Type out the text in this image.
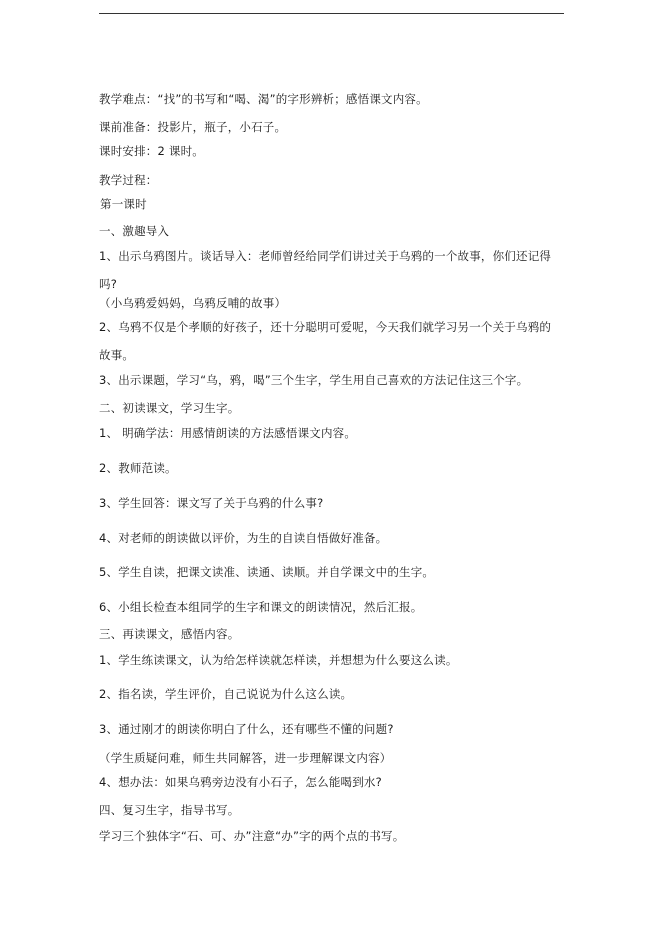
教学难点：“找”的书写和“喝、渴”的字形辨析；感悟课文内容。
课前准备：投影片，瓶子，小石子。
课时安排：2 课时。
教学过程：
第一课时
一、激趣导入
1、出示乌鸦图片。谈话导入：老师曾经给同学们讲过关于乌鸦的一个故事，你们还记得
吗?
（小乌鸦爱妈妈，乌鸦反哺的故事）
2、乌鸦不仅是个孝顺的好孩子，还十分聪明可爱呢，今天我们就学习另一个关于乌鸦的
故事。
3、出示课题，学习“乌，鸦，喝”三个生字，学生用自己喜欢的方法记住这三个字。
二、初读课文，学习生字。
1、 明确学法：用感情朗读的方法感悟课文内容。
2、教师范读。
3、学生回答：课文写了关于乌鸦的什么事?
4、对老师的朗读做以评价，为生的自读自悟做好准备。
5、学生自读，把课文读准、读通、读顺。并自学课文中的生字。
6、小组长检查本组同学的生字和课文的朗读情况，然后汇报。
三、再读课文，感悟内容。
1、学生练读课文，认为给怎样读就怎样读，并想想为什么要这么读。
2、指名读，学生评价，自己说说为什么这么读。
3、通过刚才的朗读你明白了什么，还有哪些不懂的问题?
（学生质疑问难，师生共同解答，进一步理解课文内容）
4、想办法：如果乌鸦旁边没有小石子，怎么能喝到水?
四、复习生字，指导书写。
学习三个独体字“石、可、办”注意“办”字的两个点的书写。
